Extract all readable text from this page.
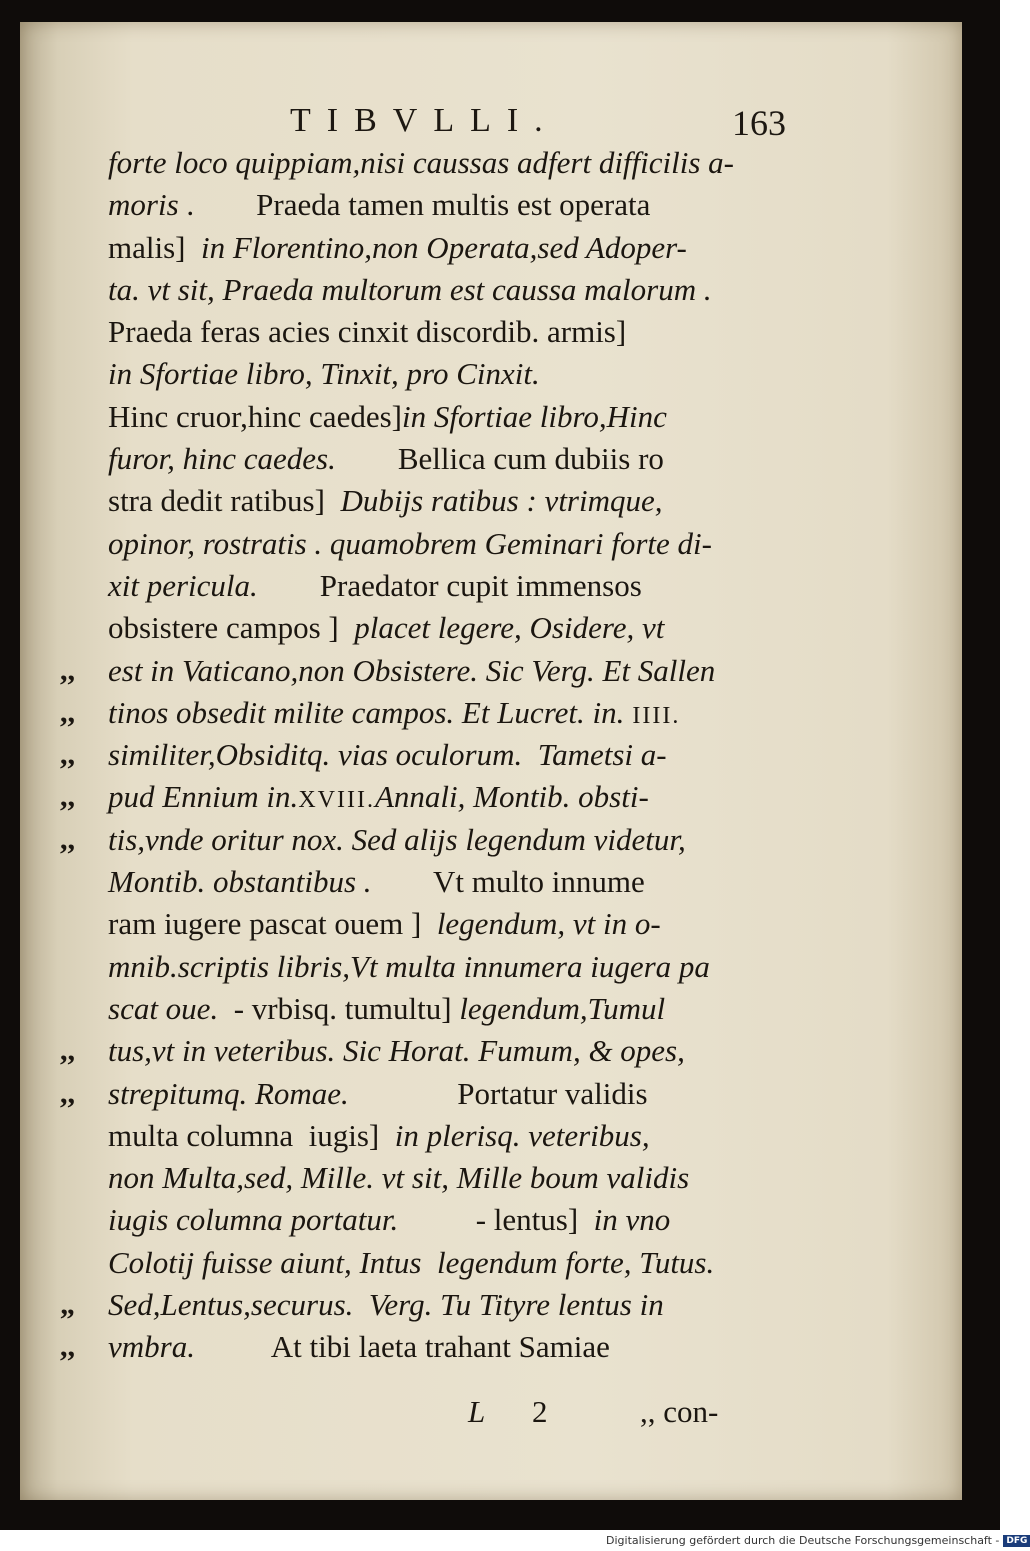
TIBVLLI.	163
forte loco quippiam,nisi caussas adfert difficilis a-
moris .        Praeda tamen multis est operata
malis]  in Florentino,non Operata,sed Adoper-
ta. vt sit, Praeda multorum est caussa malorum .
Praeda feras acies cinxit discordib. armis]
in Sfortiae libro, Tinxit, pro Cinxit.
Hinc cruor,hinc caedes]in Sfortiae libro,Hinc
furor, hinc caedes.        Bellica cum dubiis ro
stra dedit ratibus]  Dubijs ratibus : vtrimque,
opinor, rostratis . quamobrem Geminari forte di-
xit pericula.        Praedator cupit immensos
obsistere campos ]  placet legere, Osidere, vt
,, est in Vaticano,non Obsistere. Sic Verg. Et Sallen
,, tinos obsedit milite campos. Et Lucret. in. IIII.
,, similiter,Obsiditq. vias oculorum.  Tametsi a-
,, pud Ennium in.XVIII.Annali, Montib. obsti-
,, tis,vnde oritur nox. Sed alijs legendum videtur,
Montib. obstantibus .        Vt multo innume
ram iugere pascat ouem ]  legendum, vt in o-
mnib.scriptis libris,Vt multa innumera iugera pa
scat oue.  - vrbisq. tumultu] legendum,Tumul
,, tus,vt in veteribus. Sic Horat. Fumum, & opes,
,, strepitumq. Romae.              Portatur validis
multa columna  iugis]  in plerisq. veteribus,
non Multa,sed, Mille. vt sit, Mille boum validis
iugis columna portatur.          - lentus]  in vno
Colotij fuisse aiunt, Intus  legendum forte, Tutus.
„ Sed,Lentus,securus.  Verg. Tu Tityre lentus in
,, vmbra.          At tibi laeta trahant Samiae
L 2	,, con-
Digitalisierung gefördert durch die Deutsche Forschungsgemeinschaft - DFG
